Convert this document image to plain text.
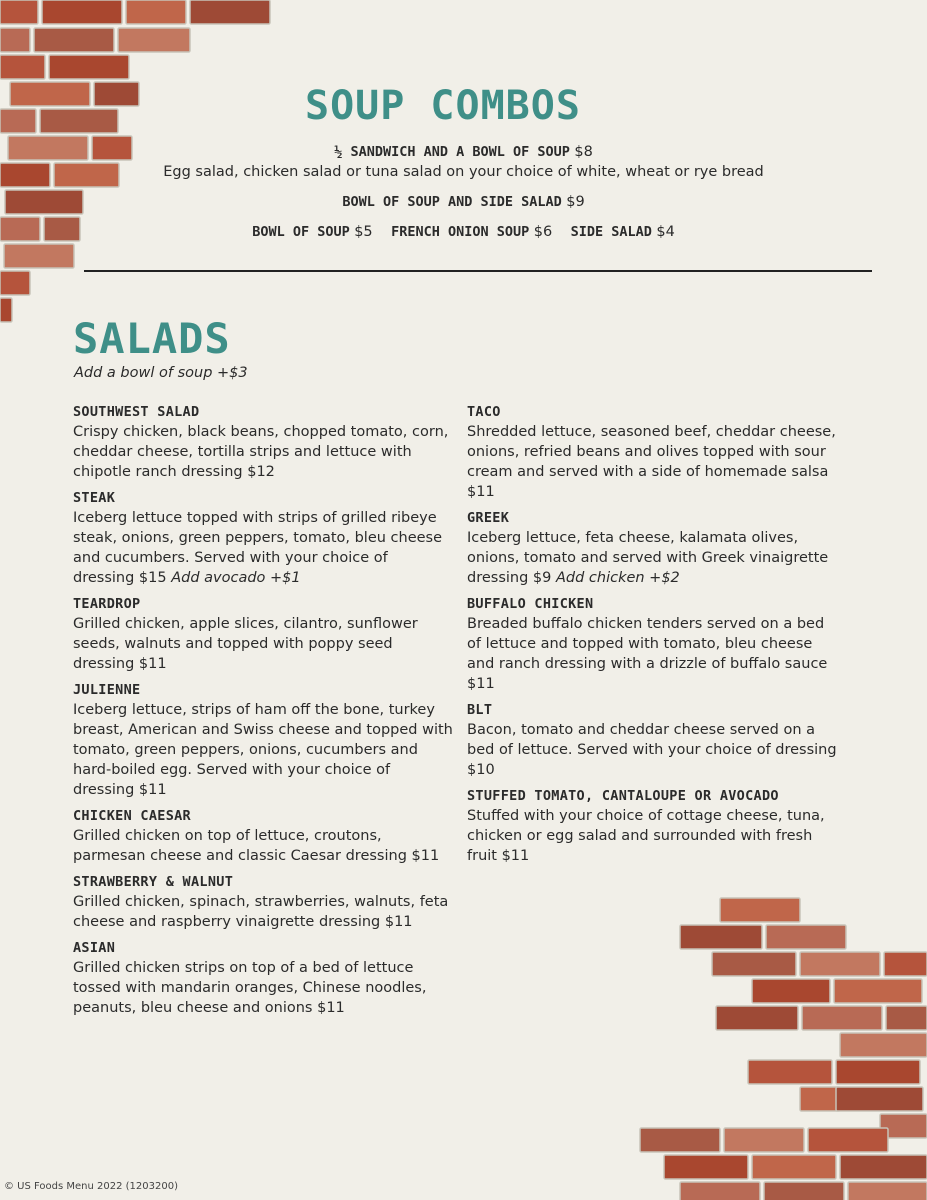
SOUP COMBOS

½ SANDWICH AND A BOWL OF SOUP $8

Egg salad, chicken salad or tuna salad on your choice of white, wheat or rye bread

BOWL OF SOUP AND SIDE SALAD $9

BOWL OF SOUP $5 FRENCH ONION SOUP $6 SIDE SALAD $4

SALADS

Add a bowl of soup +$3

SOUTHWEST SALAD

Crispy chicken, black beans, chopped tomato, corn, cheddar cheese, tortilla strips and lettuce with chipotle ranch dressing $12

STEAK

Iceberg lettuce topped with strips of grilled ribeye steak, onions, green peppers, tomato, bleu cheese and cucumbers. Served with your choice of dressing $15 Add avocado +$1

TEARDROP

Grilled chicken, apple slices, cilantro, sunflower seeds, walnuts and topped with poppy seed dressing $11

JULIENNE

Iceberg lettuce, strips of ham off the bone, turkey breast, American and Swiss cheese and topped with tomato, green peppers, onions, cucumbers and hard-boiled egg. Served with your choice of dressing $11

CHICKEN CAESAR

Grilled chicken on top of lettuce, croutons, parmesan cheese and classic Caesar dressing $11

STRAWBERRY & WALNUT

Grilled chicken, spinach, strawberries, walnuts, feta cheese and raspberry vinaigrette dressing $11

ASIAN

Grilled chicken strips on top of a bed of lettuce tossed with mandarin oranges, Chinese noodles, peanuts, bleu cheese and onions $11

TACO

Shredded lettuce, seasoned beef, cheddar cheese, onions, refried beans and olives topped with sour cream and served with a side of homemade salsa $11

GREEK

Iceberg lettuce, feta cheese, kalamata olives, onions, tomato and served with Greek vinaigrette dressing $9 Add chicken +$2

BUFFALO CHICKEN

Breaded buffalo chicken tenders served on a bed of lettuce and topped with tomato, bleu cheese and ranch dressing with a drizzle of buffalo sauce $11

BLT

Bacon, tomato and cheddar cheese served on a bed of lettuce. Served with your choice of dressing $10

STUFFED TOMATO, CANTALOUPE OR AVOCADO

Stuffed with your choice of cottage cheese, tuna, chicken or egg salad and surrounded with fresh fruit $11

© US Foods Menu 2022 (1203200)
